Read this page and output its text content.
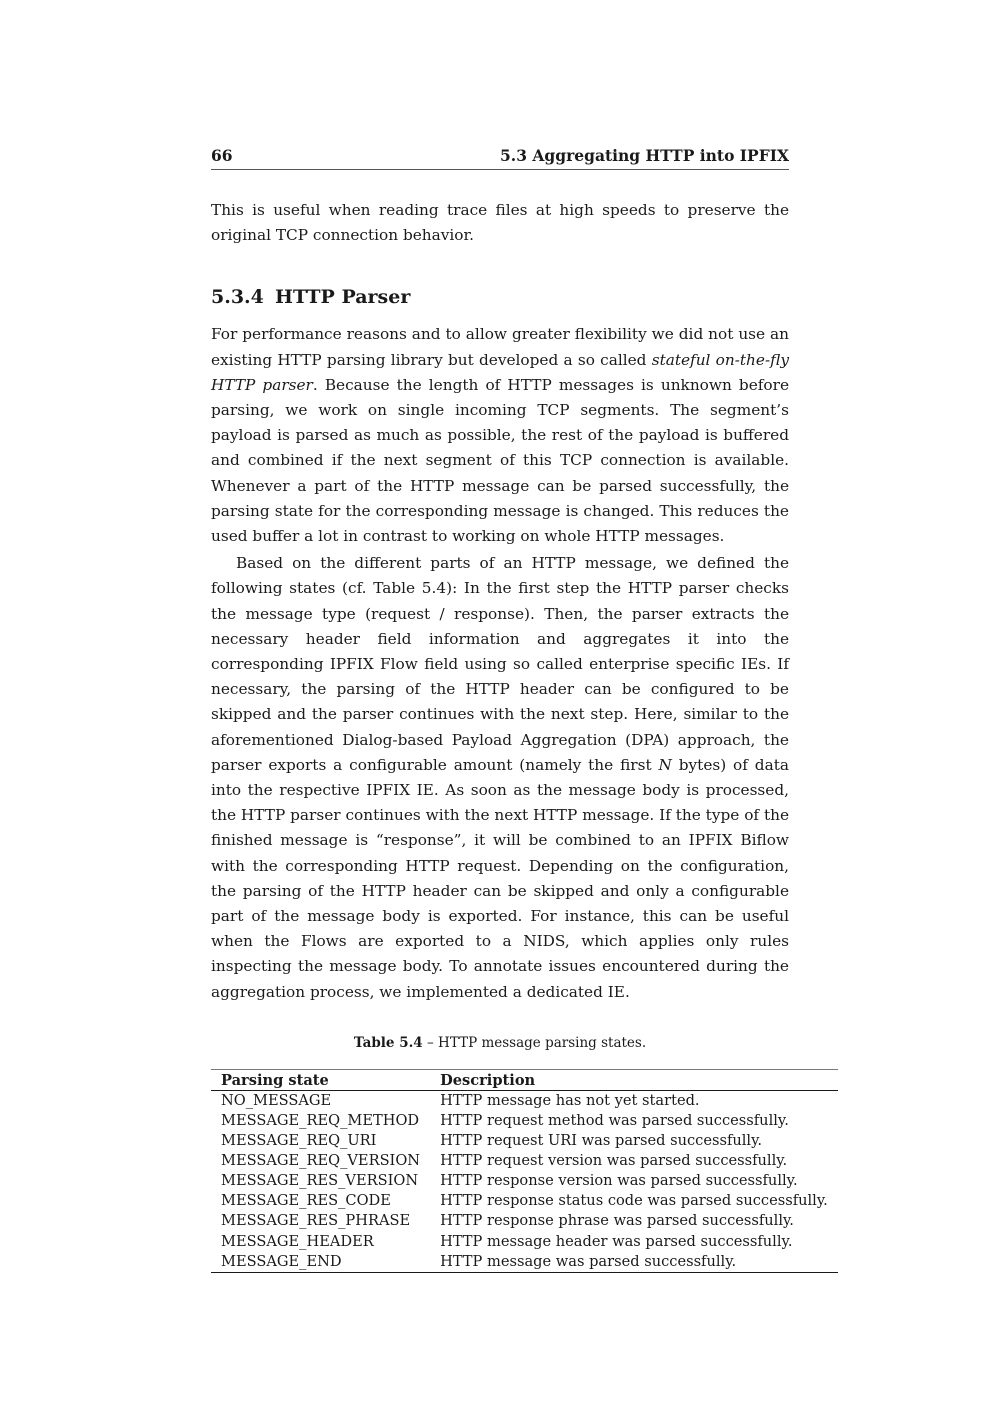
66	5.3 Aggregating HTTP into IPFIX

This is useful when reading trace files at high speeds to preserve the original TCP connection behavior.

5.3.4 HTTP Parser

For performance reasons and to allow greater flexibility we did not use an existing HTTP parsing library but developed a so called stateful on-the-fly HTTP parser. Because the length of HTTP messages is unknown before parsing, we work on single incoming TCP segments. The segment’s payload is parsed as much as possible, the rest of the payload is buffered and combined if the next segment of this TCP connection is available. Whenever a part of the HTTP message can be parsed successfully, the parsing state for the corresponding message is changed. This reduces the used buffer a lot in contrast to working on whole HTTP messages.

Based on the different parts of an HTTP message, we defined the following states (cf. Table 5.4): In the first step the HTTP parser checks the message type (request / response). Then, the parser extracts the necessary header field information and aggregates it into the corresponding IPFIX Flow field using so called enterprise specific IEs. If necessary, the parsing of the HTTP header can be configured to be skipped and the parser continues with the next step. Here, similar to the aforementioned Dialog-based Payload Aggregation (DPA) approach, the parser exports a configurable amount (namely the first N bytes) of data into the respective IPFIX IE. As soon as the message body is processed, the HTTP parser continues with the next HTTP message. If the type of the finished message is “response”, it will be combined to an IPFIX Biflow with the corresponding HTTP request. Depending on the configuration, the parsing of the HTTP header can be skipped and only a configurable part of the message body is exported. For instance, this can be useful when the Flows are exported to a NIDS, which applies only rules inspecting the message body. To annotate issues encountered during the aggregation process, we implemented a dedicated IE.

Table 5.4 – HTTP message parsing states.
Parsing state	Description
NO_MESSAGE	HTTP message has not yet started.
MESSAGE_REQ_METHOD	HTTP request method was parsed successfully.
MESSAGE_REQ_URI	HTTP request URI was parsed successfully.
MESSAGE_REQ_VERSION	HTTP request version was parsed successfully.
MESSAGE_RES_VERSION	HTTP response version was parsed successfully.
MESSAGE_RES_CODE	HTTP response status code was parsed successfully.
MESSAGE_RES_PHRASE	HTTP response phrase was parsed successfully.
MESSAGE_HEADER	HTTP message header was parsed successfully.
MESSAGE_END	HTTP message was parsed successfully.
